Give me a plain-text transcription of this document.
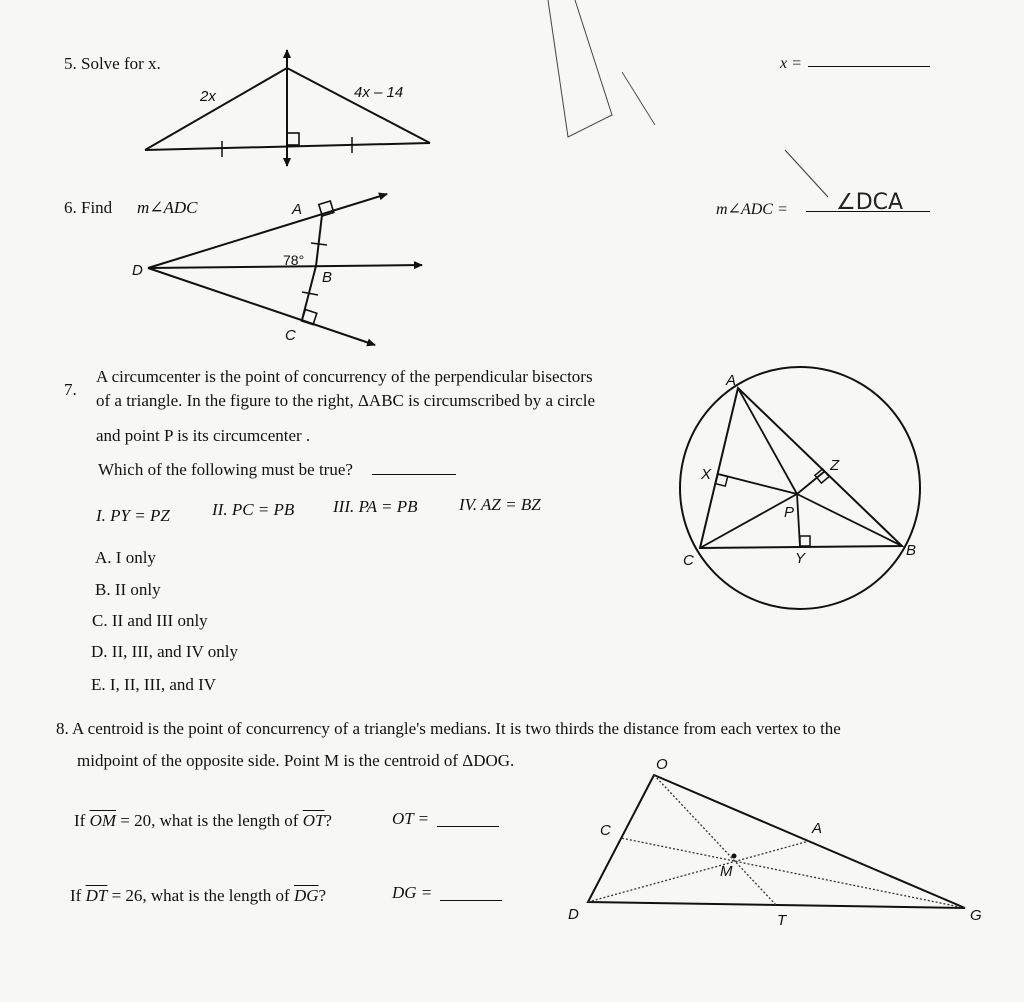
5. Solve for x.	x =
2x	4x – 14
6. Find m∠ADC	m∠ADC =
A
D	B
C
78°
∠DCA
7.
A circumcenter is the point of concurrency of the perpendicular bisectors
of a triangle. In the figure to the right, ΔABC is circumscribed by a circle
and point P is its circumcenter .
Which of the following must be true?
I. PY = PZ II. PC = PB III. PA = PB IV. AZ = BZ
A. I only
B. II only
C. II and III only
D. II, III, and IV only
E. I, II, III, and IV
A
C
B
X
Y
Z
P
8. A centroid is the point of concurrency of a triangle's medians. It is two thirds the distance from each vertex to the
midpoint of the opposite side. Point M is the centroid of ΔDOG.
If $\overline{OM} = 20$, what is the length of $\overline{OT}$?	OT =
If $\overline{DT} = 26$, what is the length of $\overline{DG}$?	DG =
O
C	A
M
D	T	G
